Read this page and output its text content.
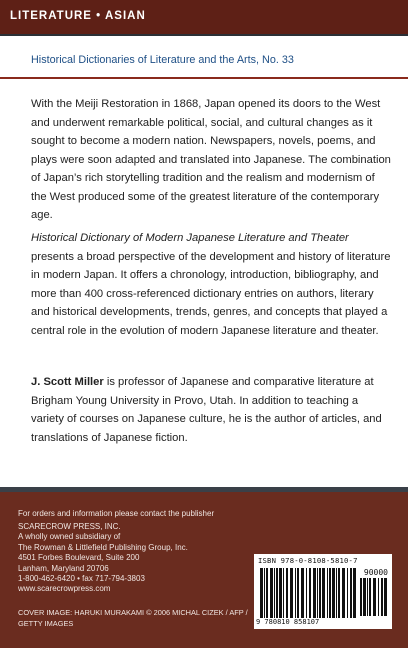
LITERATURE • ASIAN
Historical Dictionaries of Literature and the Arts, No. 33

With the Meiji Restoration in 1868, Japan opened its doors to the West and underwent remarkable political, social, and cultural changes as it sought to become a modern nation. Newspapers, novels, poems, and plays were soon adapted and translated into Japanese. The combination of Japan’s rich storytelling tradition and the realism and modernism of the West produced some of the greatest literature of the contemporary age.

Historical Dictionary of Modern Japanese Literature and Theater presents a broad perspective of the development and history of literature in modern Japan. It offers a chronology, introduction, bibliography, and more than 400 cross-referenced dictionary entries on authors, literary and historical developments, trends, genres, and concepts that played a central role in the evolution of modern Japanese literature and theater.

J. Scott Miller is professor of Japanese and comparative literature at Brigham Young University in Provo, Utah. In addition to teaching a variety of courses on Japanese culture, he is the author of articles, and translations of Japanese fiction.

For orders and information please contact the publisher
SCARECROW PRESS, INC.
A wholly owned subsidiary of
The Rowman & Littlefield Publishing Group, Inc.
4501 Forbes Boulevard, Suite 200
Lanham, Maryland 20706
1-800-462-6420 • fax 717-794-3803
www.scarecrowpress.com
COVER IMAGE: HARUKI MURAKAMI © 2006 MICHAL CIZEK / AFP / GETTY IMAGES
ISBN 978-0-8108-5810-7
90000
9 780810 858107
